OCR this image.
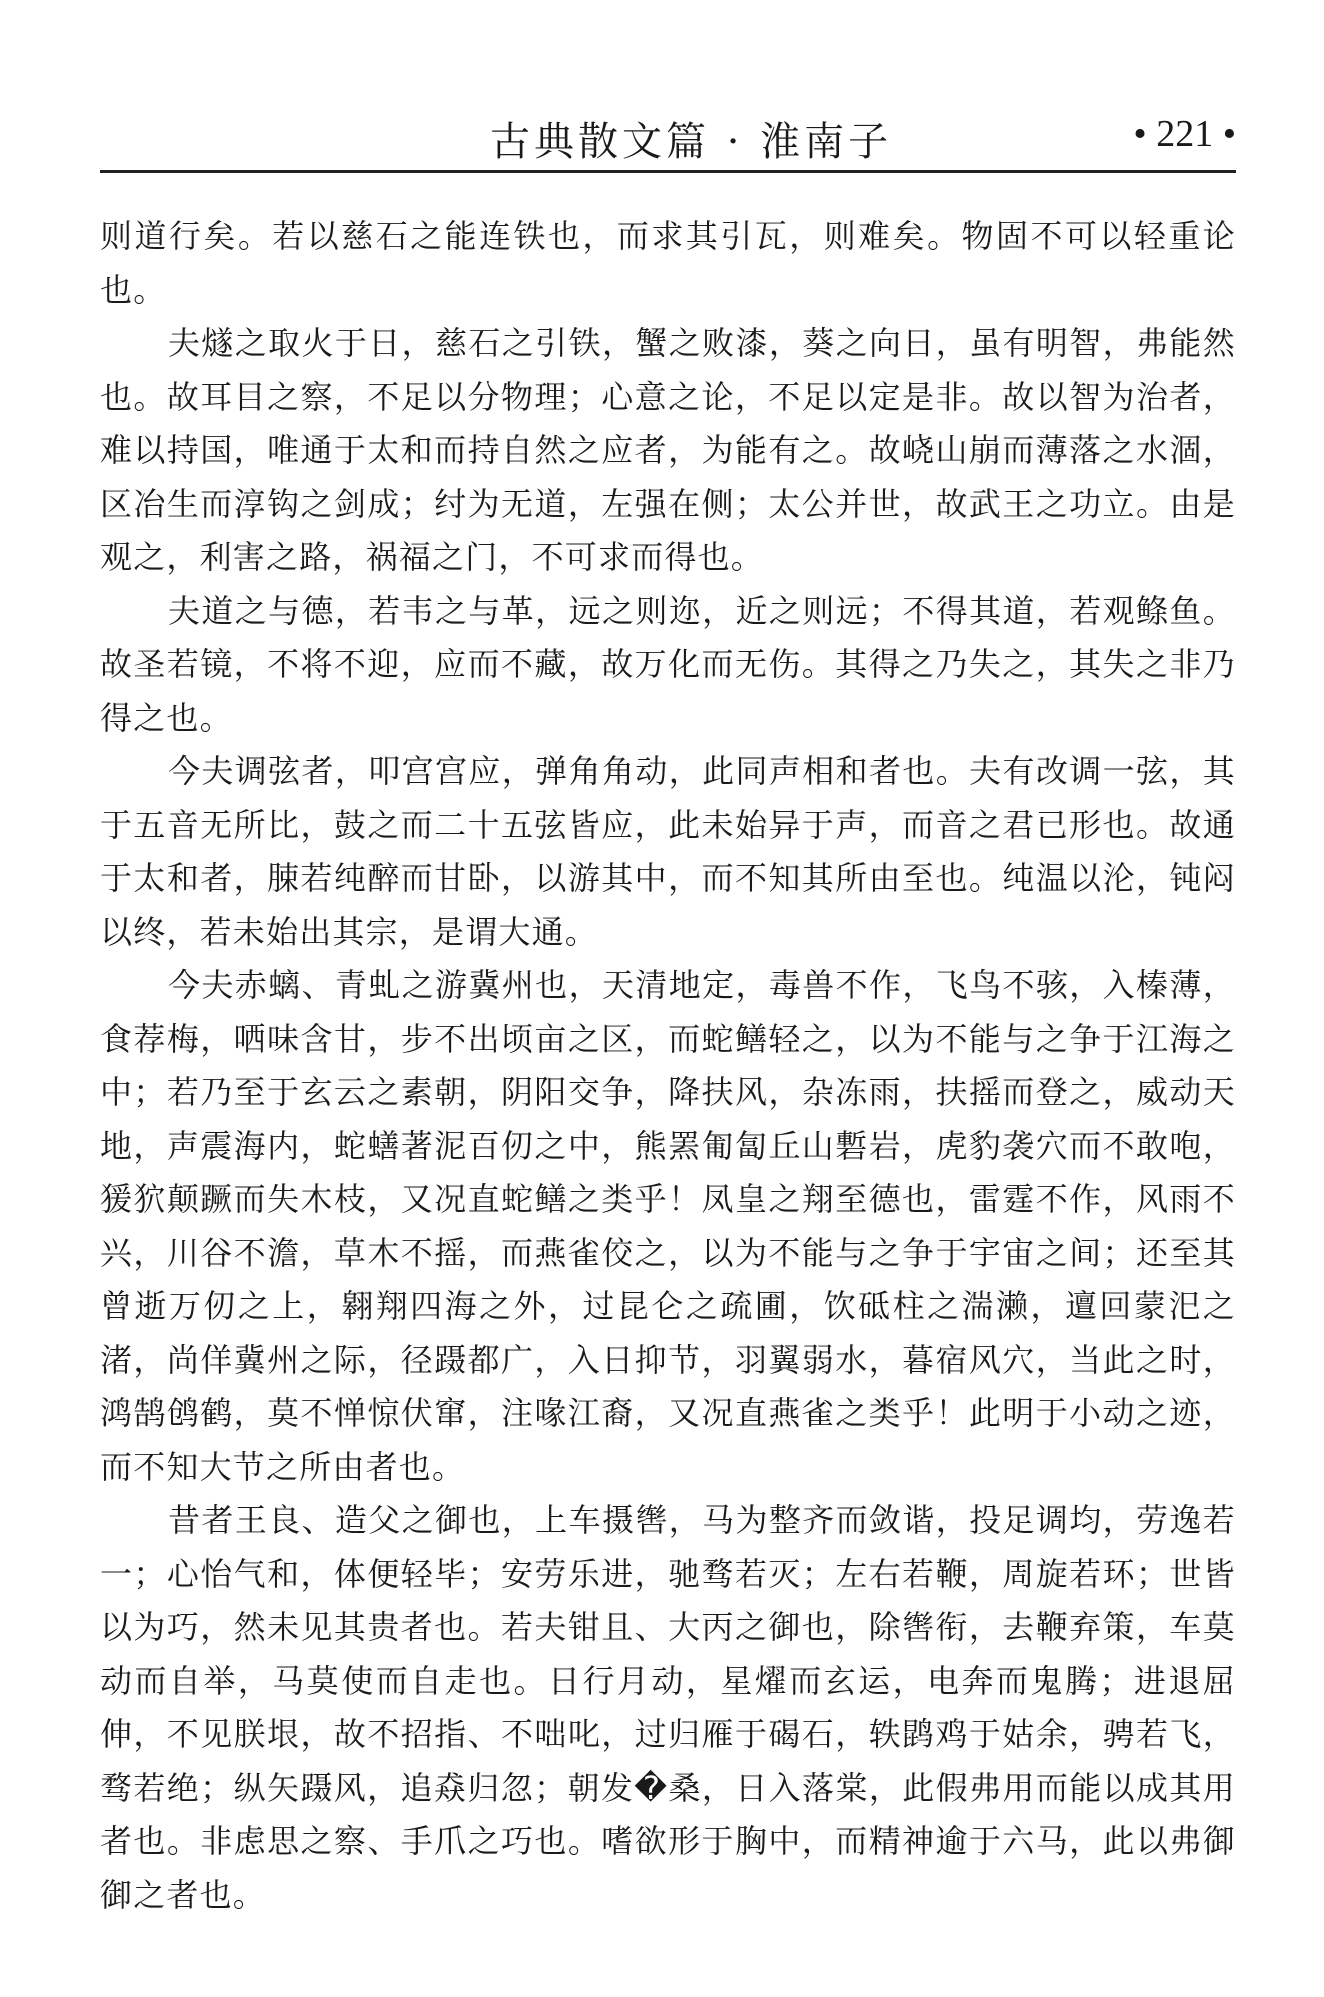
古典散文篇 · 淮南子	• 221 •

则道行矣。若以慈石之能连铁也，而求其引瓦，则难矣。物固不可以轻重论也。

夫燧之取火于日，慈石之引铁，蟹之败漆，葵之向日，虽有明智，弗能然也。故耳目之察，不足以分物理；心意之论，不足以定是非。故以智为治者，难以持国，唯通于太和而持自然之应者，为能有之。故峣山崩而薄落之水涸，区冶生而淳钩之剑成；纣为无道，左强在侧；太公并世，故武王之功立。由是观之，利害之路，祸福之门，不可求而得也。

夫道之与德，若韦之与革，远之则迩，近之则远；不得其道，若观鲦鱼。故圣若镜，不将不迎，应而不藏，故万化而无伤。其得之乃失之，其失之非乃得之也。

今夫调弦者，叩宫宫应，弹角角动，此同声相和者也。夫有改调一弦，其于五音无所比，鼓之而二十五弦皆应，此未始异于声，而音之君已形也。故通于太和者，脨若纯醉而甘卧，以游其中，而不知其所由至也。纯温以沦，钝闷以终，若未始出其宗，是谓大通。

今夫赤螭、青虬之游冀州也，天清地定，毒兽不作，飞鸟不骇，入榛薄，食荐梅，哂味含甘，步不出顷亩之区，而蛇鳝轻之，以为不能与之争于江海之中；若乃至于玄云之素朝，阴阳交争，降扶风，杂冻雨，扶摇而登之，威动天地，声震海内，蛇蟮著泥百仞之中，熊罴匍匐丘山磛岩，虎豹袭穴而不敢咆，猨狖颠蹶而失木枝，又况直蛇鳝之类乎！凤皇之翔至德也，雷霆不作，风雨不兴，川谷不澹，草木不摇，而燕雀佼之，以为不能与之争于宇宙之间；还至其曾逝万仞之上，翱翔四海之外，过昆仑之疏圃，饮砥柱之湍濑，邅回蒙汜之渚，尚佯冀州之际，径蹑都广，入日抑节，羽翼弱水，暮宿风穴，当此之时，鸿鹄鸧鹤，莫不惮惊伏窜，注喙江裔，又况直燕雀之类乎！此明于小动之迹，而不知大节之所由者也。

昔者王良、造父之御也，上车摄辔，马为整齐而敛谐，投足调均，劳逸若一；心怡气和，体便轻毕；安劳乐进，驰骛若灭；左右若鞭，周旋若环；世皆以为巧，然未见其贵者也。若夫钳且、大丙之御也，除辔衔，去鞭弃策，车莫动而自举，马莫使而自走也。日行月动，星燿而玄运，电奔而鬼腾；进退屈伸，不见朕垠，故不招指、不咄叱，过归雁于碣石，轶鹍鸡于姑余，骋若飞，骛若绝；纵矢蹑风，追猋归忽；朝发�桑，日入落棠，此假弗用而能以成其用者也。非虑思之察、手爪之巧也。嗜欲形于胸中，而精神逾于六马，此以弗御御之者也。
